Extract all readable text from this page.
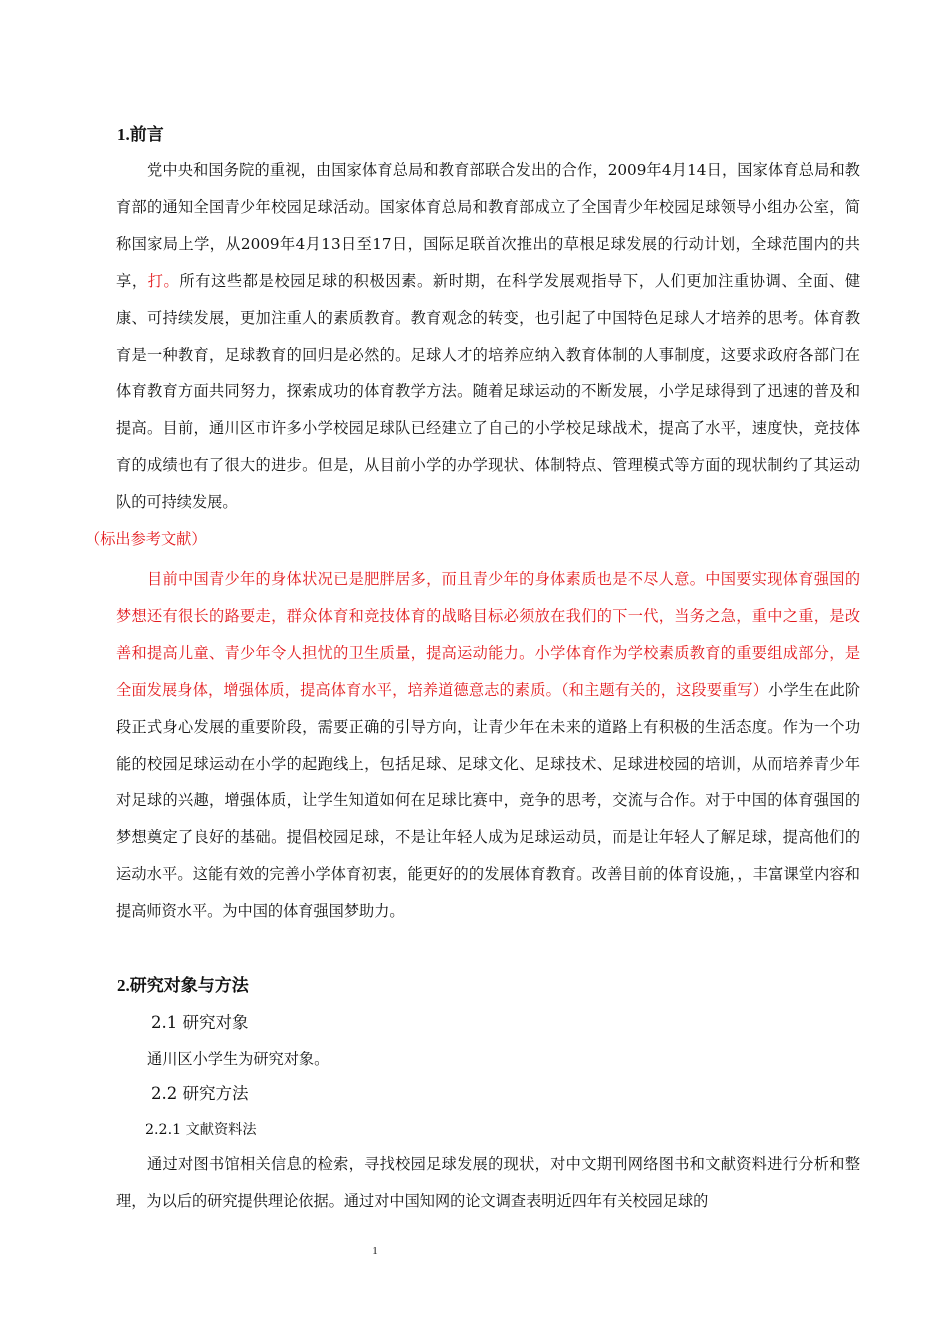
1.前言

党中央和国务院的重视，由国家体育总局和教育部联合发出的合作，2009年4月14日，国家体育总局和教育部的通知全国青少年校园足球活动。国家体育总局和教育部成立了全国青少年校园足球领导小组办公室，简称国家局上学，从2009年4月13日至17日，国际足联首次推出的草根足球发展的行动计划，全球范围内的共享，打。所有这些都是校园足球的积极因素。新时期，在科学发展观指导下，人们更加注重协调、全面、健康、可持续发展，更加注重人的素质教育。教育观念的转变，也引起了中国特色足球人才培养的思考。体育教育是一种教育，足球教育的回归是必然的。足球人才的培养应纳入教育体制的人事制度，这要求政府各部门在体育教育方面共同努力，探索成功的体育教学方法。随着足球运动的不断发展，小学足球得到了迅速的普及和提高。目前，通川区市许多小学校园足球队已经建立了自己的小学校足球战术，提高了水平，速度快，竞技体育的成绩也有了很大的进步。但是，从目前小学的办学现状、体制特点、管理模式等方面的现状制约了其运动队的可持续发展。
（标出参考文献）

目前中国青少年的身体状况已是肥胖居多，而且青少年的身体素质也是不尽人意。中国要实现体育强国的梦想还有很长的路要走，群众体育和竞技体育的战略目标必须放在我们的下一代，当务之急，重中之重，是改善和提高儿童、青少年令人担忧的卫生质量，提高运动能力。小学体育作为学校素质教育的重要组成部分，是全面发展身体，增强体质，提高体育水平，培养道德意志的素质。（和主题有关的，这段要重写）小学生在此阶段正式身心发展的重要阶段，需要正确的引导方向，让青少年在未来的道路上有积极的生活态度。作为一个功能的校园足球运动在小学的起跑线上，包括足球、足球文化、足球技术、足球进校园的培训，从而培养青少年对足球的兴趣，增强体质，让学生知道如何在足球比赛中，竞争的思考，交流与合作。对于中国的体育强国的梦想奠定了良好的基础。提倡校园足球，不是让年轻人成为足球运动员，而是让年轻人了解足球，提高他们的运动水平。这能有效的完善小学体育初衷，能更好的的发展体育教育。改善目前的体育设施，，丰富课堂内容和提高师资水平。为中国的体育强国梦助力。

2.研究对象与方法
2.1 研究对象
通川区小学生为研究对象。
2.2 研究方法
2.2.1 文献资料法

通过对图书馆相关信息的检索，寻找校园足球发展的现状，对中文期刊网络图书和文献资料进行分析和整理，为以后的研究提供理论依据。通过对中国知网的论文调查表明近四年有关校园足球的

1
